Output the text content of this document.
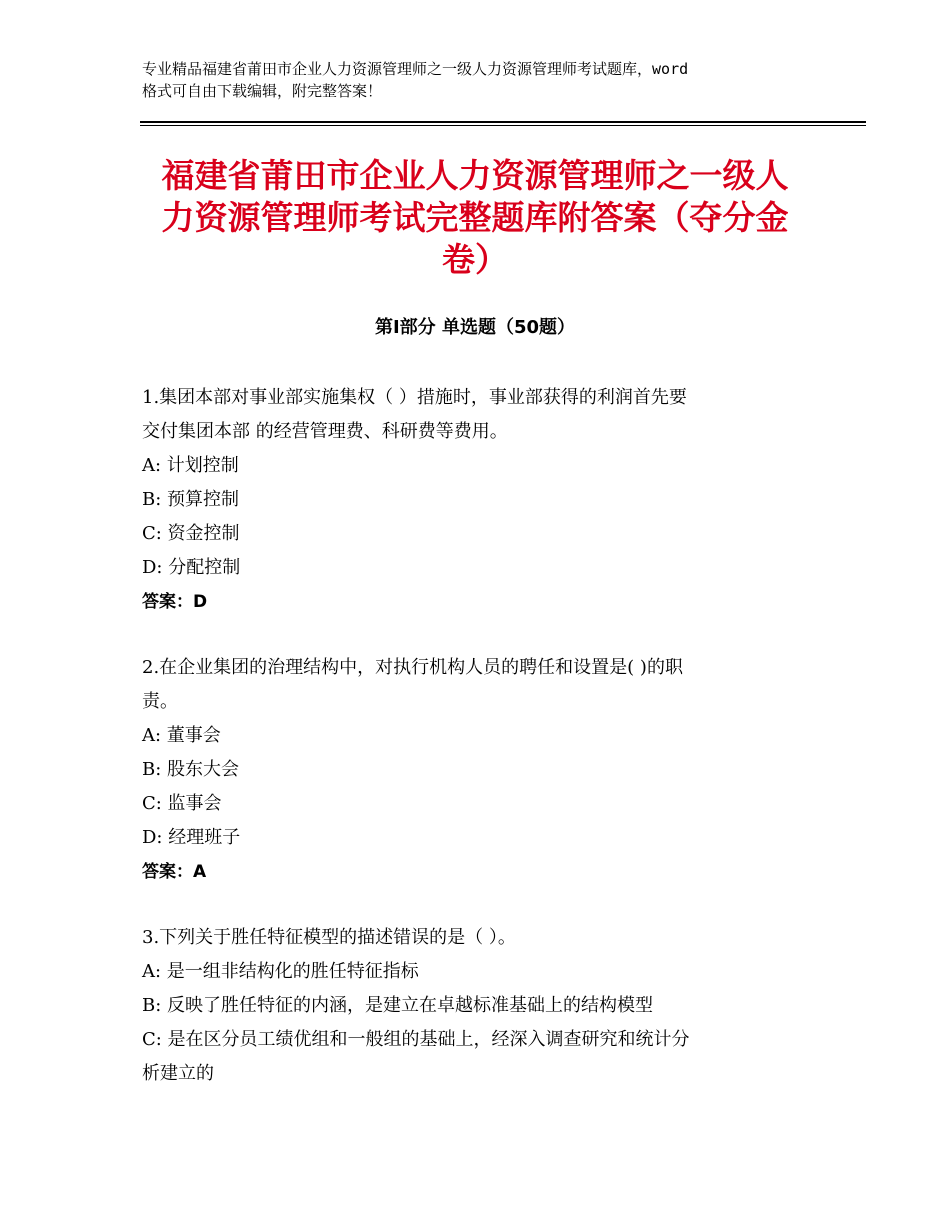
专业精品福建省莆田市企业人力资源管理师之一级人力资源管理师考试题库，word
格式可自由下载编辑，附完整答案！
福建省莆田市企业人力资源管理师之一级人
力资源管理师考试完整题库附答案（夺分金
卷）
第Ⅰ部分 单选题（50题）
1.集团本部对事业部实施集权（ ）措施时，事业部获得的利润首先要
交付集团本部 的经营管理费、科研费等费用。
A: 计划控制
B: 预算控制
C: 资金控制
D: 分配控制
答案：D
2.在企业集团的治理结构中，对执行机构人员的聘任和设置是( )的职
责。
A: 董事会
B: 股东大会
C: 监事会
D: 经理班子
答案：A
3.下列关于胜任特征模型的描述错误的是（ ）。
A: 是一组非结构化的胜任特征指标
B: 反映了胜任特征的内涵，是建立在卓越标准基础上的结构模型
C: 是在区分员工绩优组和一般组的基础上，经深入调查研究和统计分
析建立的
